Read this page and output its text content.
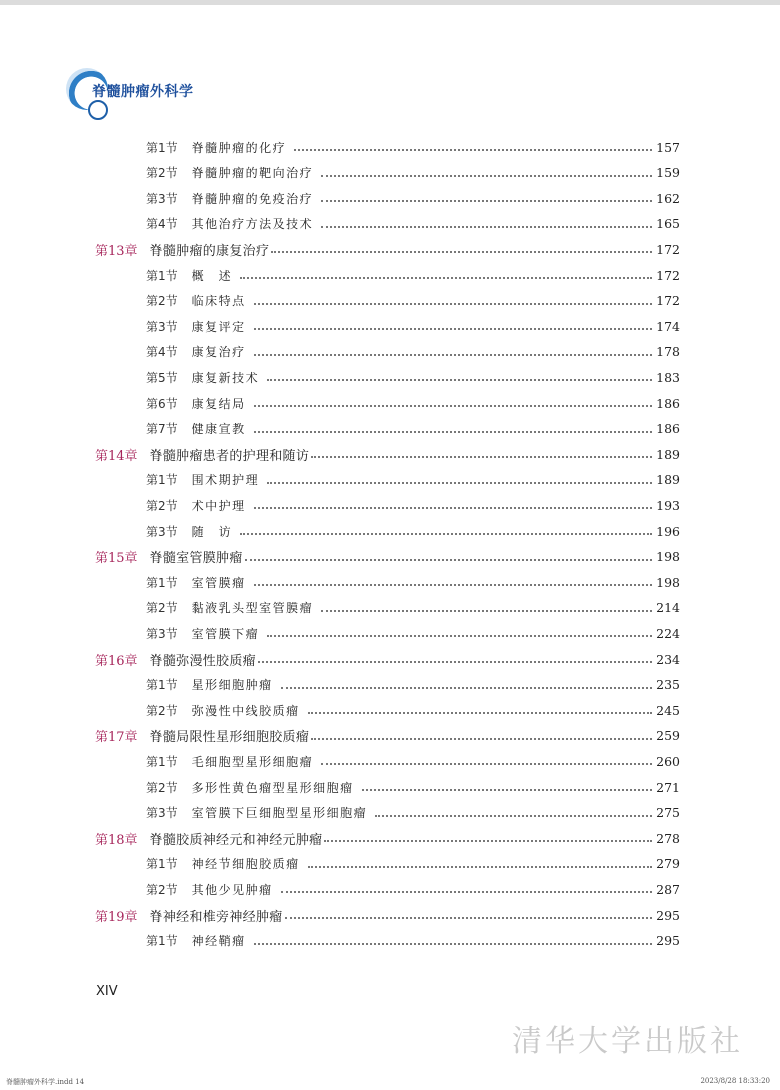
脊髓肿瘤外科学
第1节 脊髓肿瘤的化疗	157
第2节 脊髓肿瘤的靶向治疗	159
第3节 脊髓肿瘤的免疫治疗	162
第4节 其他治疗方法及技术	165
第13章 脊髓肿瘤的康复治疗	172
第1节 概　述	172
第2节 临床特点	172
第3节 康复评定	174
第4节 康复治疗	178
第5节 康复新技术	183
第6节 康复结局	186
第7节 健康宣教	186
第14章 脊髓肿瘤患者的护理和随访	189
第1节 围术期护理	189
第2节 术中护理	193
第3节 随　访	196
第15章 脊髓室管膜肿瘤	198
第1节 室管膜瘤	198
第2节 黏液乳头型室管膜瘤	214
第3节 室管膜下瘤	224
第16章 脊髓弥漫性胶质瘤	234
第1节 星形细胞肿瘤	235
第2节 弥漫性中线胶质瘤	245
第17章 脊髓局限性星形细胞胶质瘤	259
第1节 毛细胞型星形细胞瘤	260
第2节 多形性黄色瘤型星形细胞瘤	271
第3节 室管膜下巨细胞型星形细胞瘤	275
第18章 脊髓胶质神经元和神经元肿瘤	278
第1节 神经节细胞胶质瘤	279
第2节 其他少见肿瘤	287
第19章 脊神经和椎旁神经肿瘤	295
第1节 神经鞘瘤	295
XIV
清华大学出版社
脊髓肿瘤外科学.indd 14	2023/8/28 18:33:20
